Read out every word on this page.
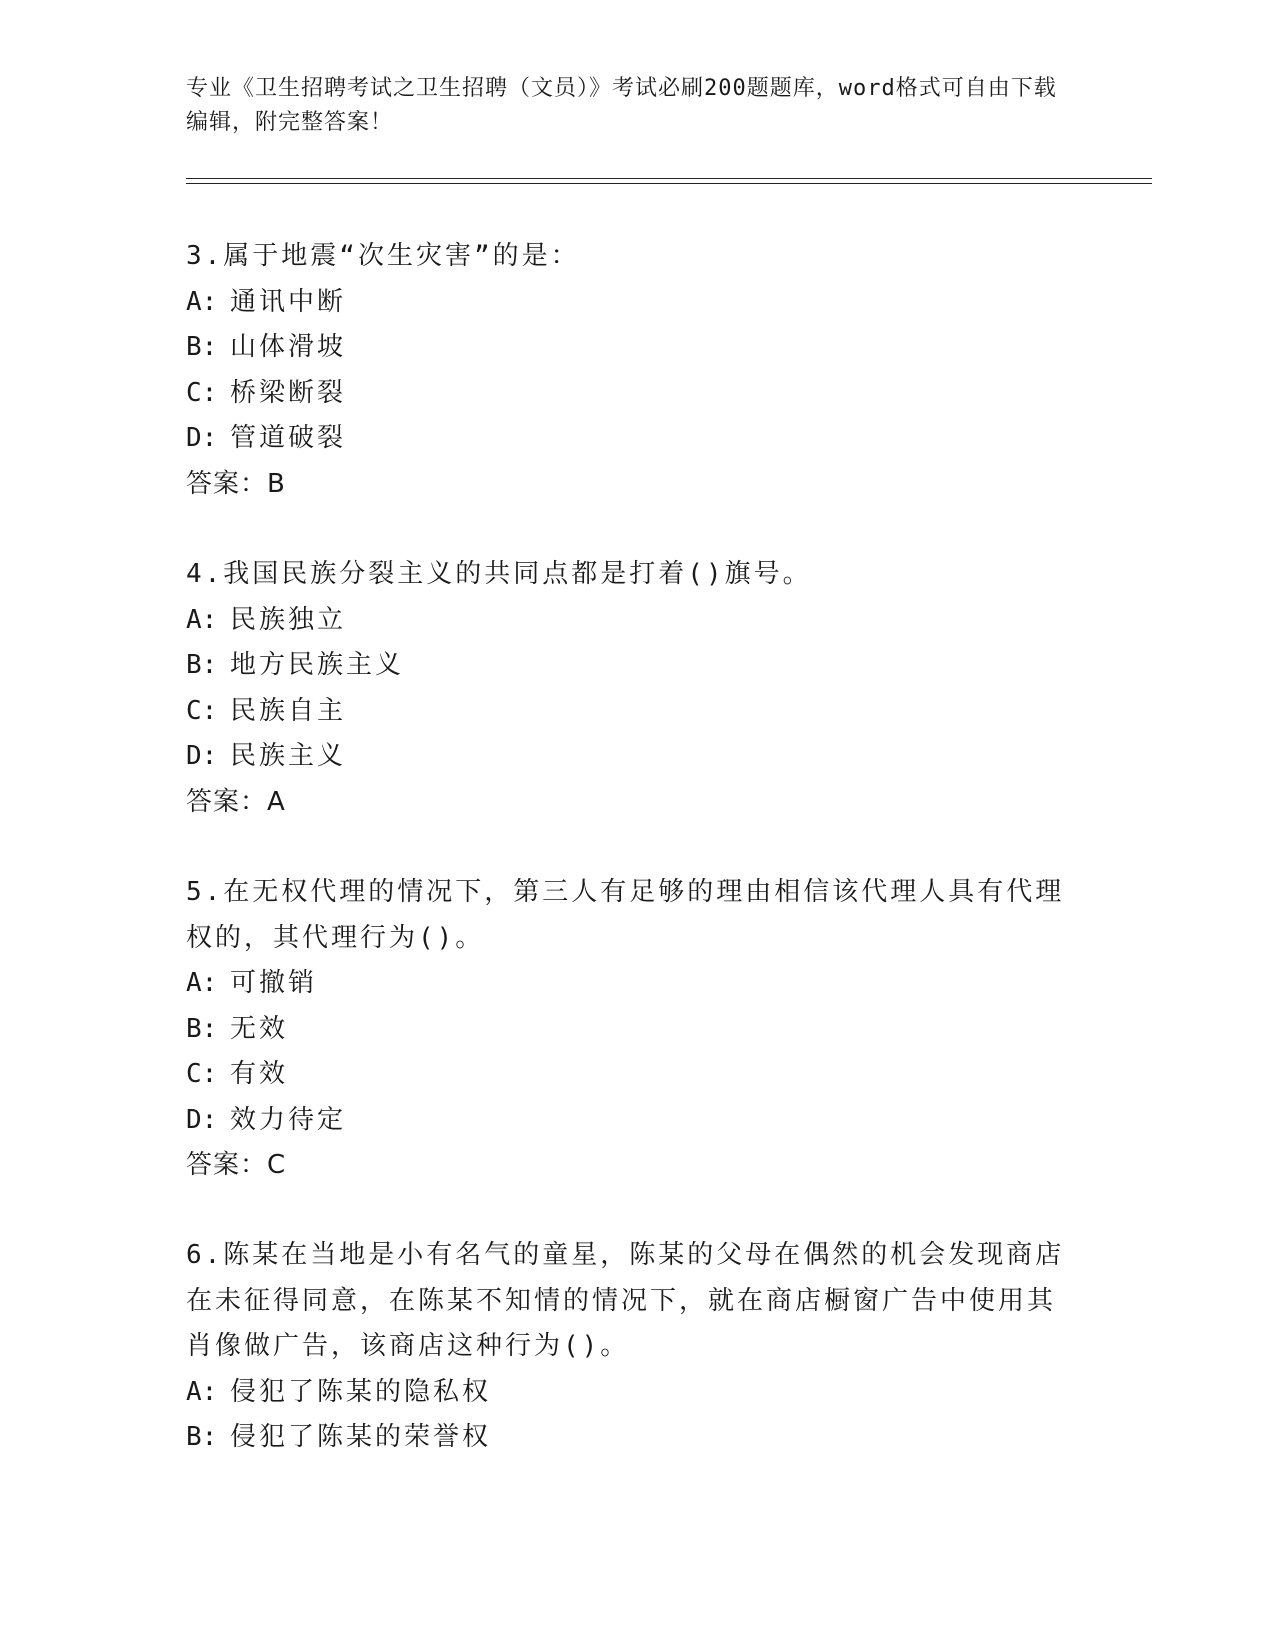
专业《卫生招聘考试之卫生招聘（文员）》考试必刷200题题库，word格式可自由下载编辑，附完整答案！
3.属于地震“次生灾害”的是：
A: 通讯中断
B: 山体滑坡
C: 桥梁断裂
D: 管道破裂
答案：B
4.我国民族分裂主义的共同点都是打着()旗号。
A: 民族独立
B: 地方民族主义
C: 民族自主
D: 民族主义
答案：A
5.在无权代理的情况下，第三人有足够的理由相信该代理人具有代理权的，其代理行为()。
A: 可撤销
B: 无效
C: 有效
D: 效力待定
答案：C
6.陈某在当地是小有名气的童星，陈某的父母在偶然的机会发现商店在未征得同意，在陈某不知情的情况下，就在商店橱窗广告中使用其肖像做广告，该商店这种行为()。
A: 侵犯了陈某的隐私权
B: 侵犯了陈某的荣誉权
